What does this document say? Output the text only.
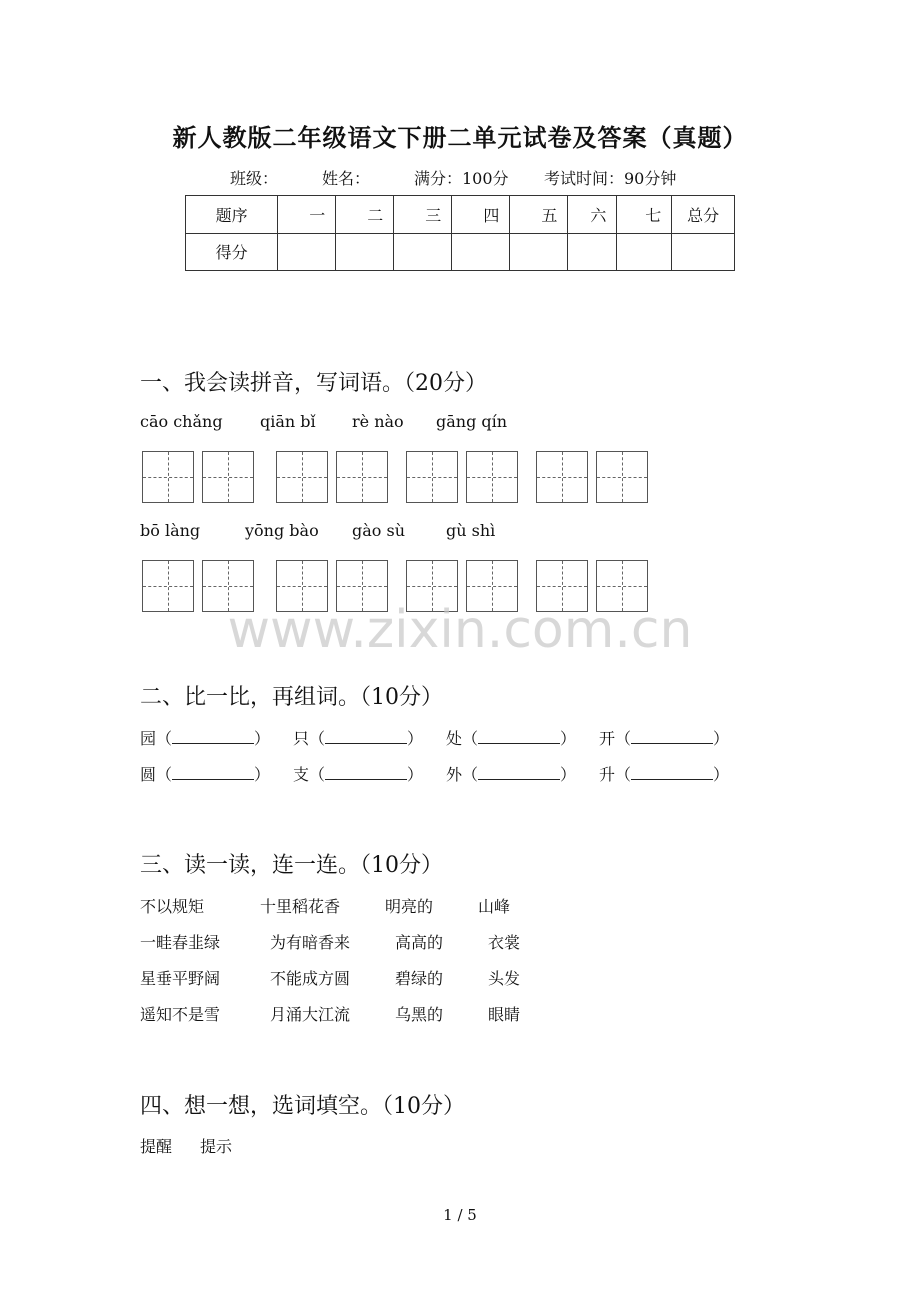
新人教版二年级语文下册二单元试卷及答案（真题）
班级：	姓名：	满分：100分 考试时间：90分钟
题序	一	二	三	四	五	六	七	总分
得分								
一、我会读拼音，写词语。（20分）
cāo chǎng qiān bǐ rè nào gāng qín
bō làng	yōng bào gào sù	gù shì
www.zixin.com.cn
二、比一比，再组词。（10分）
园（	） 只（	） 处（	） 开（	）
圆（	） 支（	） 外（	） 升（	）
三、读一读，连一连。（10分）
不以规矩	十里稻花香	明亮的	山峰
一畦春韭绿	为有暗香来	高高的	衣裳
星垂平野阔	不能成方圆	碧绿的	头发
遥知不是雪	月涌大江流	乌黑的	眼睛
四、想一想，选词填空。（10分）
提醒 提示
1 / 5
